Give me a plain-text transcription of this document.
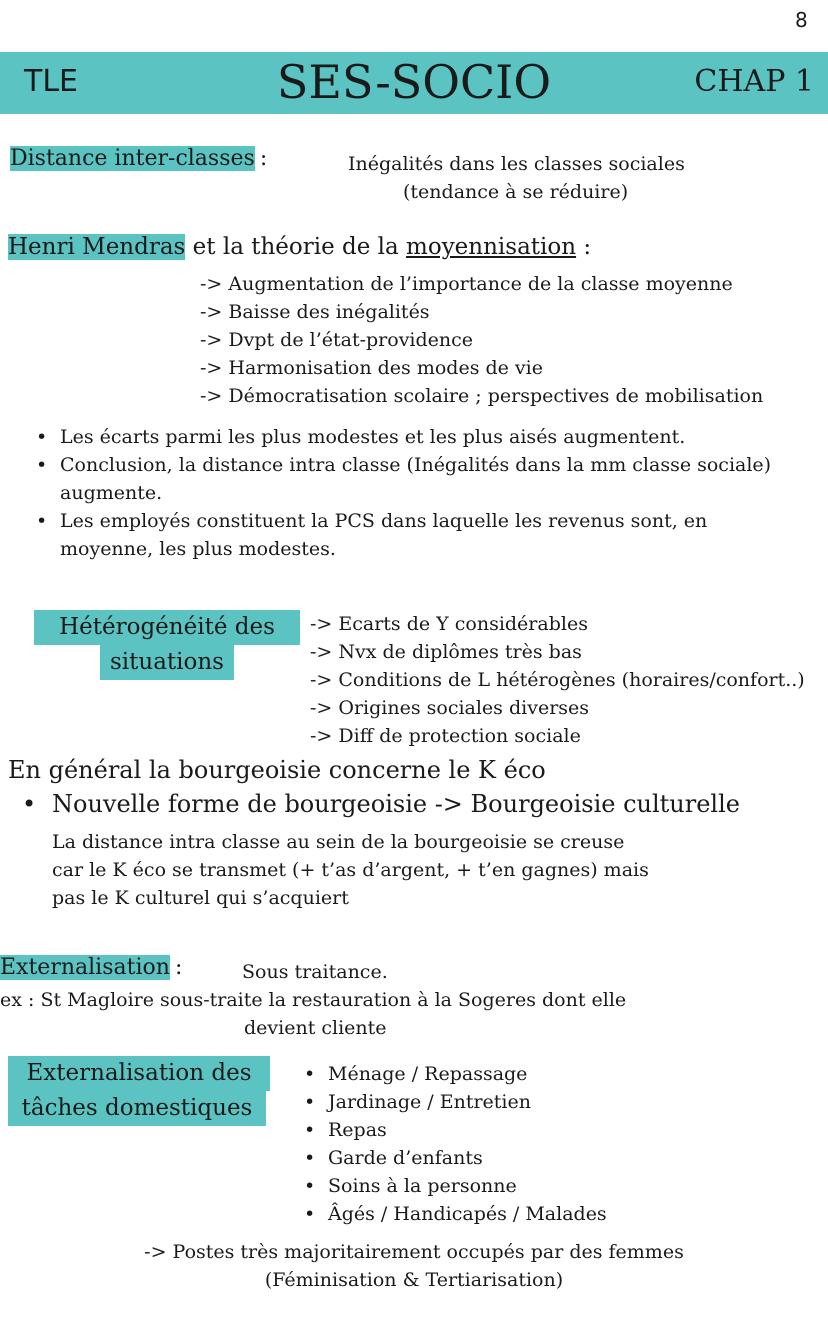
8
TLE	SES-SOCIO	CHAP 1
Distance inter-classes :	Inégalités dans les classes sociales
(tendance à se réduire)
Henri Mendras et la théorie de la moyennisation :
-> Augmentation de l’importance de la classe moyenne
-> Baisse des inégalités
-> Dvpt de l’état-providence
-> Harmonisation des modes de vie
-> Démocratisation scolaire ; perspectives de mobilisation
• Les écarts parmi les plus modestes et les plus aisés augmentent.
• Conclusion, la distance intra classe (Inégalités dans la mm classe sociale)
augmente.
• Les employés constituent la PCS dans laquelle les revenus sont, en
moyenne, les plus modestes.
Hétérogénéité des
situations
-> Ecarts de Y considérables
-> Nvx de diplômes très bas
-> Conditions de L hétérogènes (horaires/confort..)
-> Origines sociales diverses
-> Diff de protection sociale
En général la bourgeoisie concerne le K éco
• Nouvelle forme de bourgeoisie -> Bourgeoisie culturelle
La distance intra classe au sein de la bourgeoisie se creuse
car le K éco se transmet (+ t’as d’argent, + t’en gagnes) mais
pas le K culturel qui s’acquiert
Externalisation :	Sous traitance.
ex : St Magloire sous-traite la restauration à la Sogeres dont elle
devient cliente
Externalisation des
tâches domestiques
• Ménage / Repassage
• Jardinage / Entretien
• Repas
• Garde d’enfants
• Soins à la personne
• Âgés / Handicapés / Malades
-> Postes très majoritairement occupés par des femmes
(Féminisation & Tertiarisation)
